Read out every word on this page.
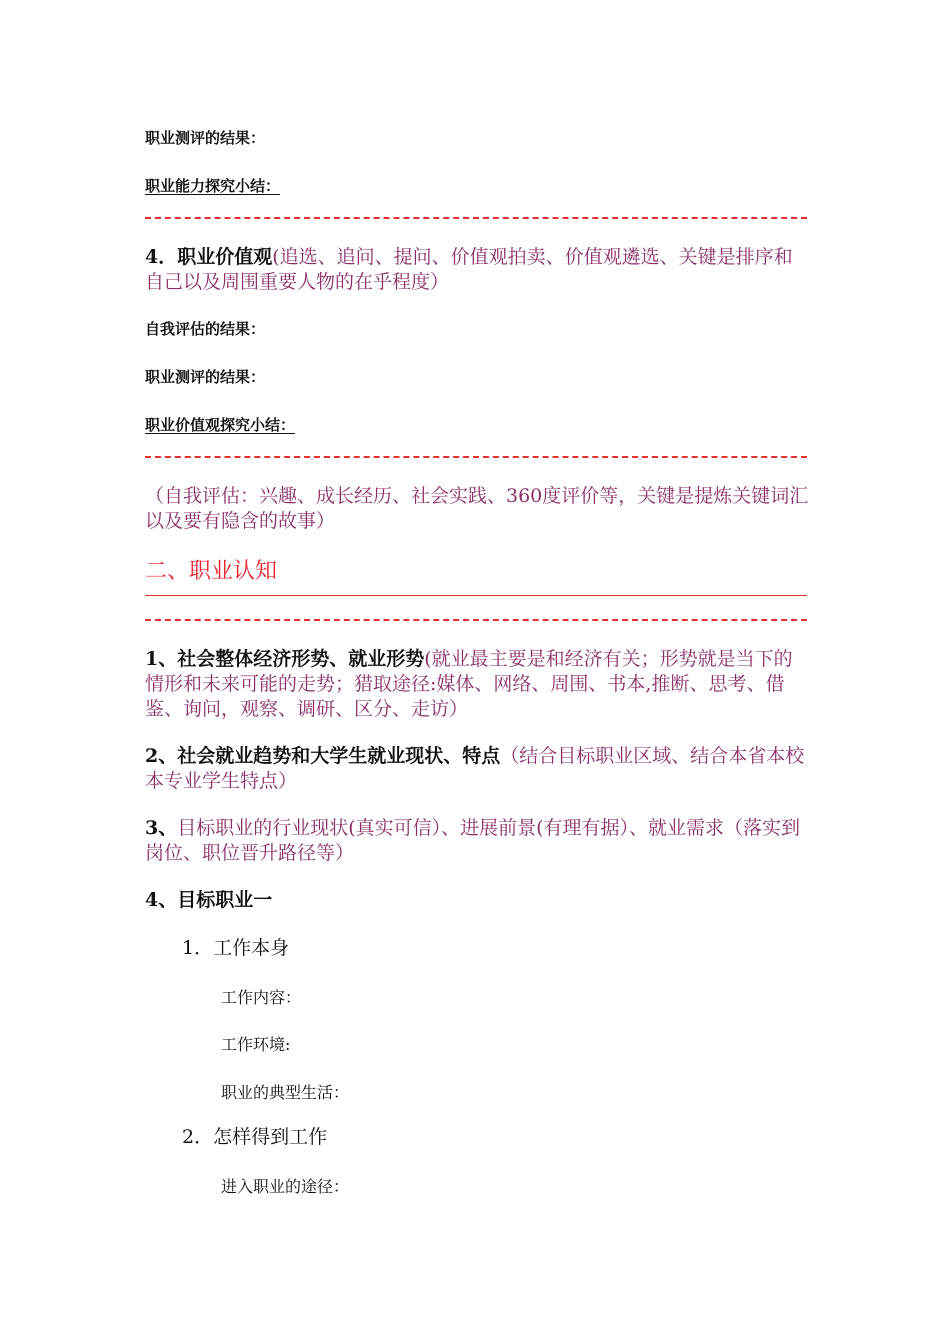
职业测评的结果：
职业能力探究小结：
4．职业价值观(追选、追问、提问、价值观拍卖、价值观遴选、关键是排序和自己以及周围重要人物的在乎程度）
自我评估的结果：
职业测评的结果：
职业价值观探究小结：
（自我评估：兴趣、成长经历、社会实践、360度评价等，关键是提炼关键词汇以及要有隐含的故事）
二、职业认知
1、社会整体经济形势、就业形势(就业最主要是和经济有关；形势就是当下的情形和未来可能的走势；猎取途径:媒体、网络、周围、书本,推断、思考、借鉴、询问，观察、调研、区分、走访）
2、社会就业趋势和大学生就业现状、特点（结合目标职业区域、结合本省本校本专业学生特点）
3、目标职业的行业现状(真实可信）、进展前景(有理有据）、就业需求（落实到岗位、职位晋升路径等）
4、目标职业一
1．工作本身
工作内容：
工作环境:
职业的典型生活：
2．怎样得到工作
进入职业的途径：
